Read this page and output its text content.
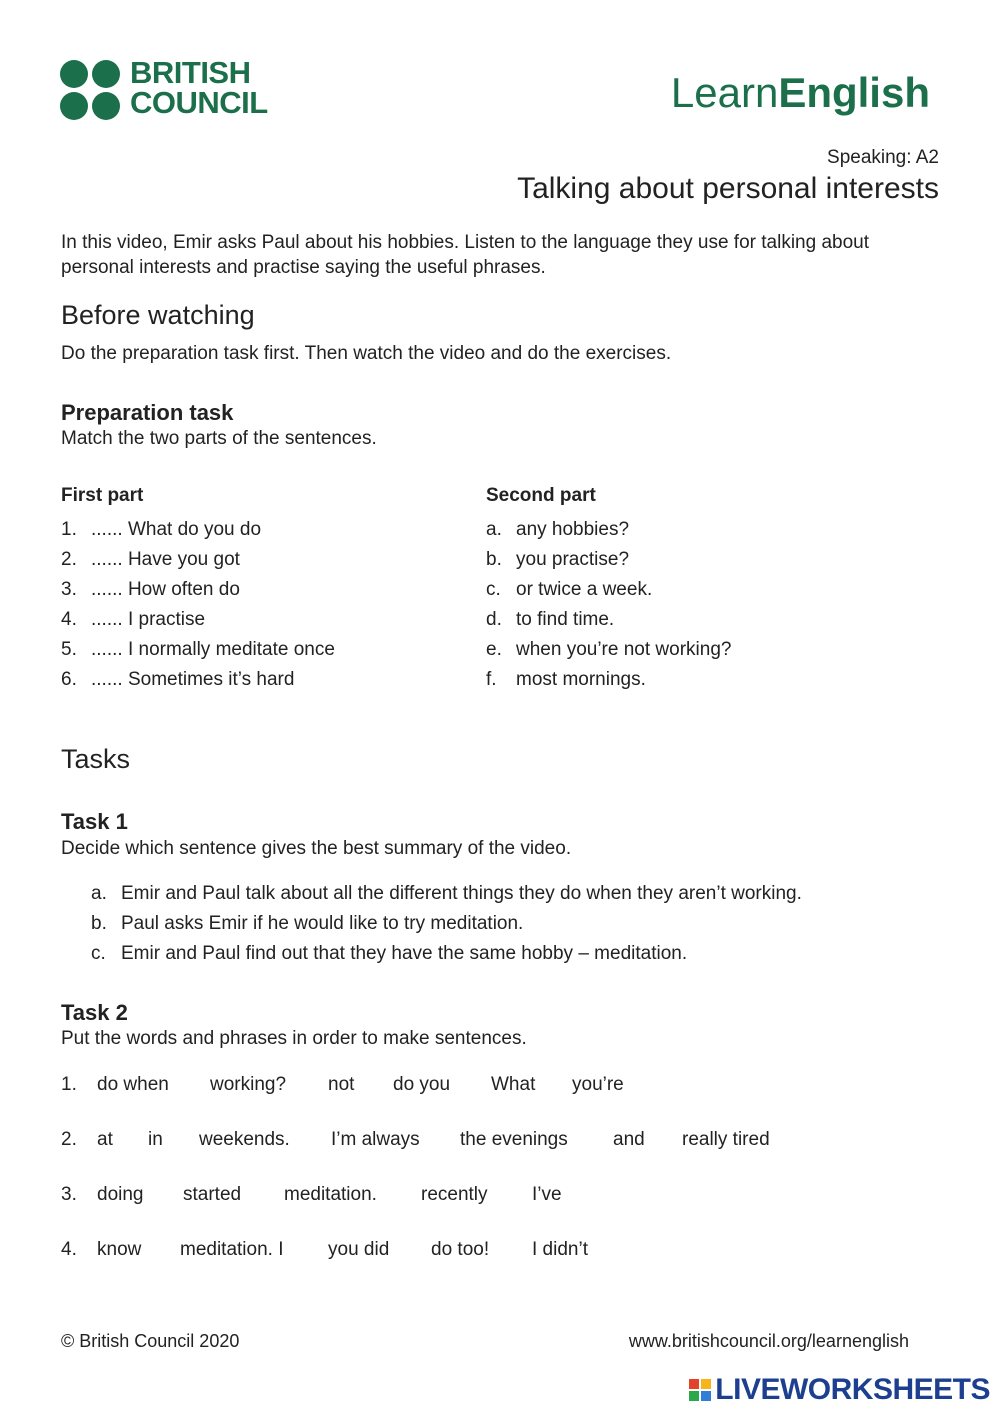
BRITISH
COUNCIL	LearnEnglish
Speaking: A2
Talking about personal interests
In this video, Emir asks Paul about his hobbies. Listen to the language they use for talking about personal interests and practise saying the useful phrases.
Before watching
Do the preparation task first. Then watch the video and do the exercises.
Preparation task
Match the two parts of the sentences.
First part	Second part
1. ...... What do you do
2. ...... Have you got
3. ...... How often do
4. ...... I practise
5. ...... I normally meditate once
6. ...... Sometimes it’s hard
a. any hobbies?
b. you practise?
c. or twice a week.
d. to find time.
e. when you’re not working?
f. most mornings.
Tasks
Task 1
Decide which sentence gives the best summary of the video.
a. Emir and Paul talk about all the different things they do when they aren’t working.
b. Paul asks Emir if he would like to try meditation.
c. Emir and Paul find out that they have the same hobby – meditation.
Task 2
Put the words and phrases in order to make sentences.
1. do when working? not do you What you’re
2. at in weekends. I’m always the evenings and really tired
3. doing started meditation. recently I’ve
4. know meditation. I you did do too! I didn’t
© British Council 2020	www.britishcouncil.org/learnenglish
LIVEWORKSHEETS
